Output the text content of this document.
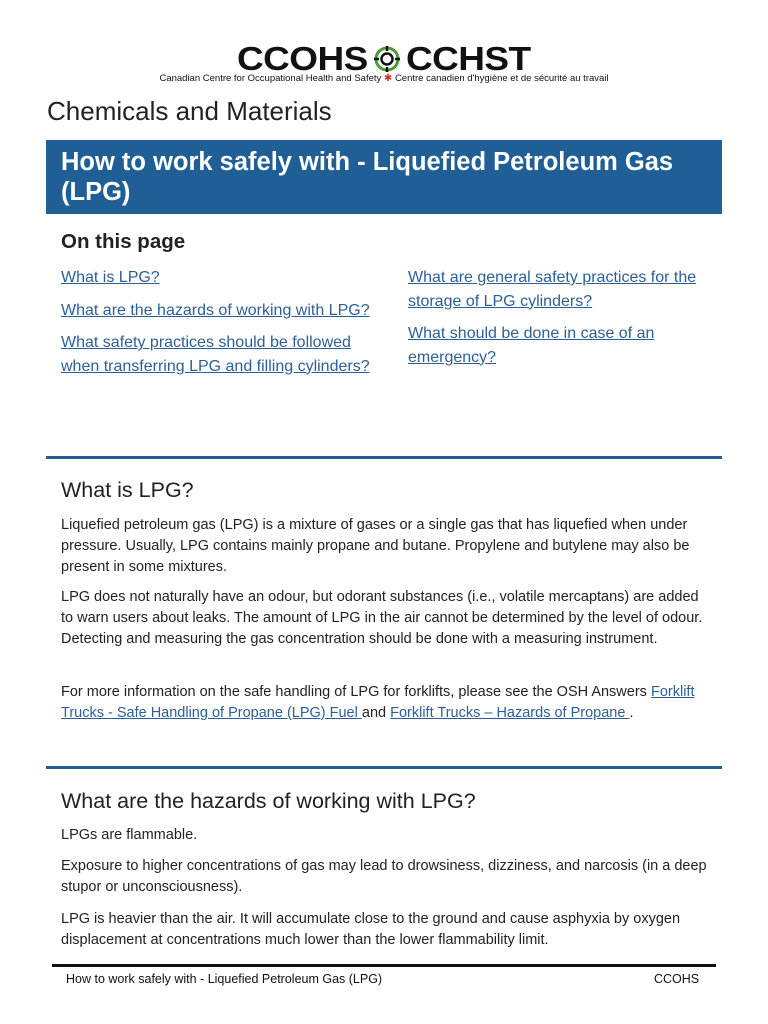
CCOHS CCHST
Canadian Centre for Occupational Health and Safety ✱ Centre canadien d'hygiène et de sécurité au travail
Chemicals and Materials
How to work safely with - Liquefied Petroleum Gas (LPG)
On this page
What is LPG?
What are the hazards of working with LPG?
What safety practices should be followed when transferring LPG and filling cylinders?
What are general safety practices for the storage of LPG cylinders?
What should be done in case of an emergency?
What is LPG?

Liquefied petroleum gas (LPG) is a mixture of gases or a single gas that has liquefied when under pressure. Usually, LPG contains mainly propane and butane. Propylene and butylene may also be present in some mixtures.

LPG does not naturally have an odour, but odorant substances (i.e., volatile mercaptans) are added to warn users about leaks. The amount of LPG in the air cannot be determined by the level of odour. Detecting and measuring the gas concentration should be done with a measuring instrument.

For more information on the safe handling of LPG for forklifts, please see the OSH Answers Forklift Trucks - Safe Handling of Propane (LPG) Fuel and Forklift Trucks – Hazards of Propane .

What are the hazards of working with LPG?

LPGs are flammable.

Exposure to higher concentrations of gas may lead to drowsiness, dizziness, and narcosis (in a deep stupor or unconsciousness).

LPG is heavier than the air. It will accumulate close to the ground and cause asphyxia by oxygen displacement at concentrations much lower than the lower flammability limit.

How to work safely with - Liquefied Petroleum Gas (LPG)	CCOHS
